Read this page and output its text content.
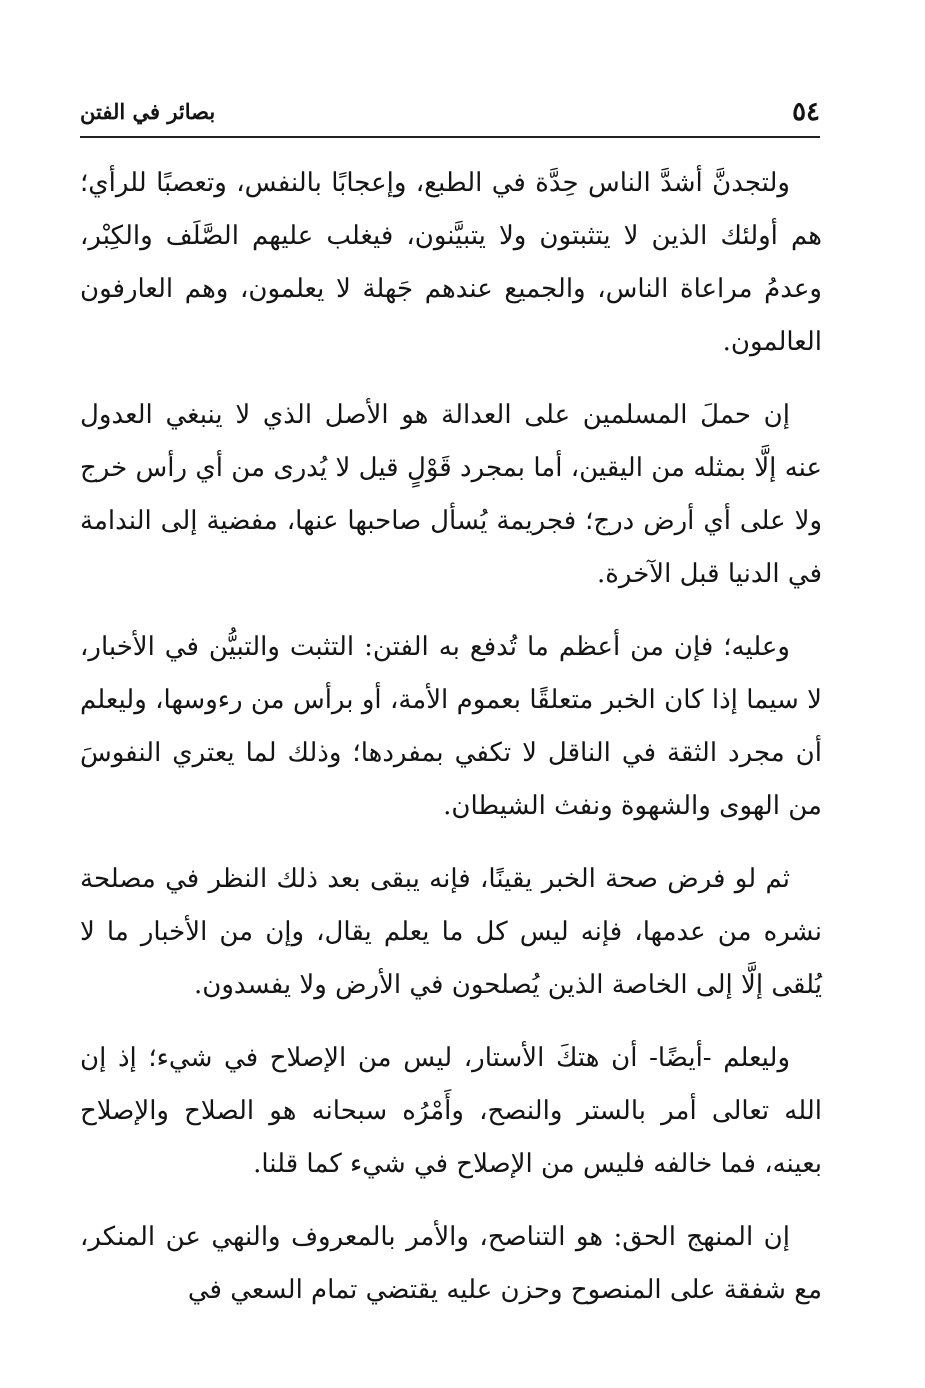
٥٤
بصائر في الفتن

ولتجدنَّ أشدَّ الناس حِدَّة في الطبع، وإعجابًا بالنفس، وتعصبًا للرأي؛ هم أولئك الذين لا يتثبتون ولا يتبيَّنون، فيغلب عليهم الصَّلَف والكِبْر، وعدمُ مراعاة الناس، والجميع عندهم جَهلة لا يعلمون، وهم العارفون العالمون.

إن حملَ المسلمين على العدالة هو الأصل الذي لا ينبغي العدول عنه إلَّا بمثله من اليقين، أما بمجرد قَوْلٍ قيل لا يُدرى من أي رأس خرج ولا على أي أرض درج؛ فجريمة يُسأل صاحبها عنها، مفضية إلى الندامة في الدنيا قبل الآخرة.

وعليه؛ فإن من أعظم ما تُدفع به الفتن: التثبت والتبيُّن في الأخبار، لا سيما إذا كان الخبر متعلقًا بعموم الأمة، أو برأس من رءوسها، وليعلم أن مجرد الثقة في الناقل لا تكفي بمفردها؛ وذلك لما يعتري النفوسَ من الهوى والشهوة ونفث الشيطان.

ثم لو فرض صحة الخبر يقينًا، فإنه يبقى بعد ذلك النظر في مصلحة نشره من عدمها، فإنه ليس كل ما يعلم يقال، وإن من الأخبار ما لا يُلقى إلَّا إلى الخاصة الذين يُصلحون في الأرض ولا يفسدون.

وليعلم -أيضًا- أن هتكَ الأستار، ليس من الإصلاح في شيء؛ إذ إن الله تعالى أمر بالستر والنصح، وأَمْرُه سبحانه هو الصلاح والإصلاح بعينه، فما خالفه فليس من الإصلاح في شيء كما قلنا.

إن المنهج الحق: هو التناصح، والأمر بالمعروف والنهي عن المنكر، مع شفقة على المنصوح وحزن عليه يقتضي تمام السعي في
